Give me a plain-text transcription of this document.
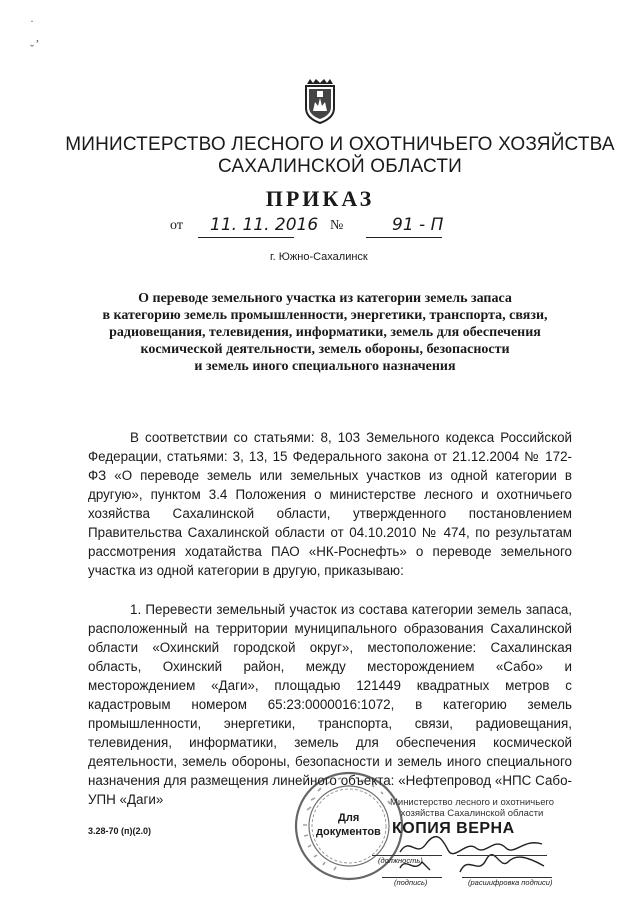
·
,
ˇ
МИНИСТЕРСТВО ЛЕСНОГО И ОХОТНИЧЬЕГО ХОЗЯЙСТВА
САХАЛИНСКОЙ ОБЛАСТИ
ПРИКАЗ
от 11. 11. 2016 №	91 - П
г. Южно-Сахалинск
О переводе земельного участка из категории земель запаса
в категорию земель промышленности, энергетики, транспорта, связи,
радиовещания, телевидения, информатики, земель для обеспечения
космической деятельности, земель обороны, безопасности
и земель иного специального назначения

В соответствии со статьями: 8, 103 Земельного кодекса Российской Федерации, статьями: 3, 13, 15 Федерального закона от 21.12.2004 № 172-ФЗ «О переводе земель или земельных участков из одной категории в другую», пунктом 3.4 Положения о министерстве лесного и охотничьего хозяйства Сахалинской области, утвержденного постановлением Правительства Сахалинской области от 04.10.2010 № 474, по результатам рассмотрения ходатайства ПАО «НК-Роснефть» о переводе земельного участка из одной категории в другую, приказываю:

1. Перевести земельный участок из состава категории земель запаса, расположенный на территории муниципального образования Сахалинской области «Охинский городской округ», местоположение: Сахалинская область, Охинский район, между месторождением «Сабо» и месторождением «Даги», площадью 121449 квадратных метров с кадастровым номером 65:23:0000016:1072, в категорию земель промышленности, энергетики, транспорта, связи, радиовещания, телевидения, информатики, земель для обеспечения космической деятельности, земель обороны, безопасности и земель иного специального назначения для размещения линейного объекта: «Нефтепровод «НПС Сабо-УПН «Даги»

3.28-70 (п)(2.0)
Министерство лесного и охотничьего
хозяйства Сахалинской области
Для
документов КОПИЯ ВЕРНА
(должность)
(подпись)	(расшифровка подписи)
